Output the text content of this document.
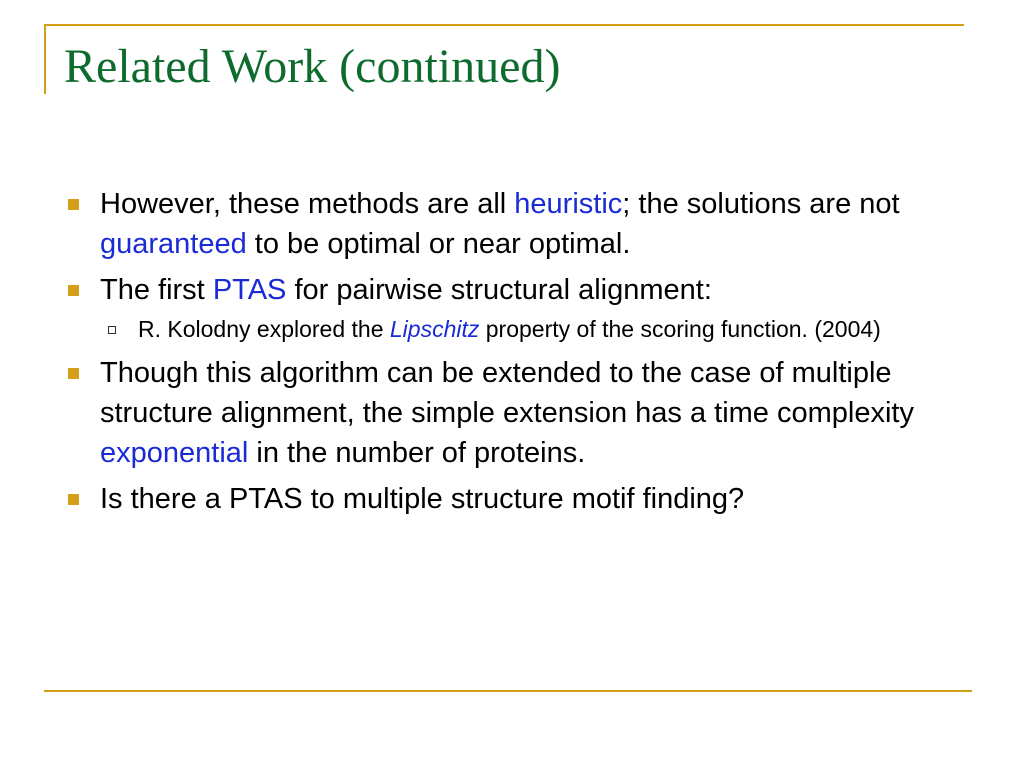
Related Work (continued)
However, these methods are all heuristic; the solutions are not guaranteed to be optimal or near optimal.
The first PTAS for pairwise structural alignment:
R. Kolodny explored the Lipschitz property of the scoring function. (2004)
Though this algorithm can be extended to the case of multiple structure alignment, the simple extension has a time complexity exponential in the number of proteins.
Is there a PTAS to multiple structure motif finding?
